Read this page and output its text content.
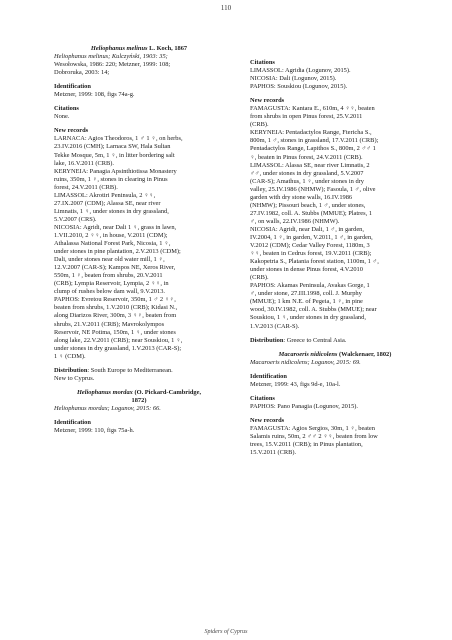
110

Heliophanus melinus L. Koch, 1867

Heliophanus melinus; Kulczyński, 1903: 35;

Wesołowska, 1986: 220; Metzner, 1999: 108;

Dobroruka, 2003: 14;

Identification

Metzner, 1999: 108, figs 74a-g.

Citations

None.

New records

LARNACA: Agios Theodoros, 1 ♂ 1 ♀, on herbs,

23.IV.2016 (CMH); Larnaca SW, Hala Sultan

Tekke Mosque, 5m, 1 ♀, in litter bordering salt

lake, 16.V.2011 (CRB).

KERYNEIA: Panagia Apsinthiotissa Monastery

ruins, 350m, 1 ♀, stones in clearing in Pinus

forest, 24.V.2011 (CRB).

LIMASSOL: Akrotiri Peninsula, 2 ♀♀,

27.IX.2007 (CDM); Alassa SE, near river

Limnatis, 1 ♀, under stones in dry grassland,

5.V.2007 (CRS).

NICOSIA: Agridi, near Dali 1 ♀, grass in lawn,

1.VII.2010, 2 ♀♀, in house, V.2011 (CDM);

Athalassa National Forest Park, Nicosia, 1 ♀,

under stones in pine plantation, 2.V.2013 (CDM);

Dali, under stones near old water mill, 1 ♀,

12.V.2007 (CAR-S); Kampos NE, Xeros River,

550m, 1 ♀, beaten from shrubs, 20.V.2011

(CRB); Lympia Reservoir, Lympia, 2 ♀♀, in

clump of rushes below dam wall, 9.V.2013.

PAPHOS: Evretou Reservoir, 350m, 1 ♂ 2 ♀♀,

beaten from shrubs, 1.V.2010 (CRB); Kidasi N.,

along Diarizos River, 300m, 3 ♀♀, beaten from

shrubs, 21.V.2011 (CRB); Mavrokolympos

Reservoir, NE Potima, 150m, 1 ♀, under stones

along lake, 22.V.2011 (CRB); near Souskiou, 1 ♀,

under stones in dry grassland, 1.V.2013 (CAR-S);

1 ♀ (CDM).

Distribution: South Europe to Mediterranean.

New to Cyprus.

Heliophanus mordax (O. Pickard-Cambridge,

1872)

Heliophanus mordax; Logunov, 2015: 66.

Identification

Metzner, 1999: 110, figs 75a-h.

Citations

LIMASSOL: Agridia (Logunov, 2015).

NICOSIA: Dali (Logunov, 2015).

PAPHOS: Souskiou (Logunov, 2015).

New records

FAMAGUSTA: Kantara E., 610m, 4 ♀♀, beaten

from shrubs in open Pinus forest, 25.V.2011

(CRB).

KERYNEIA: Pentadactylos Range, Ftericha S.,

800m, 1 ♂, stones in grassland, 17.V.2011 (CRB);

Pentadactylos Range, Lapithos S., 800m, 2 ♂♂ 1

♀, beaten in Pinus forest, 24.V.2011 (CRB).

LIMASSOL: Alassa SE, near river Limnatis, 2

♂♂, under stones in dry grassland, 5.V.2007

(CAR-S); Amathus, 1 ♀, under stones in dry

valley, 25.IV.1986 (NHMW); Fasoula, 1 ♂, olive

garden with dry stone walls, 16.IV.1986

(NHMW); Pissouri beach, 1 ♂, under stones,

27.IV.1982, coll. A. Stubbs (MMUE); Platres, 1

♂, on walls, 22.IV.1986 (NHMW).

NICOSIA: Agridi, near Dali, 1 ♂, in garden,

IV.2004, 1 ♀, in garden, V.2011, 1 ♂, in garden,

V.2012 (CDM); Cedar Valley Forest, 1180m, 3

♀♀, beaten in Cedrus forest, 19.V.2011 (CRB);

Kakopetria S., Platania forest station, 1100m, 1 ♂,

under stones in dense Pinus forest, 4.V.2010

(CRB).

PAPHOS: Akamas Peninsula, Avakas Gorge, 1

♂, under stone, 27.III.1998, coll. J. Murphy

(MMUE); 1 km N.E. of Pegeia, 1 ♀, in pine

wood, 30.IV.1982, coll. A. Stubbs (MMUE); near

Souskiou, 1 ♀, under stones in dry grassland,

1.V.2013 (CAR-S).

Distribution: Greece to Central Asia.

Macaroeris nidicolens (Walckenaer, 1802)

Macaroeris nidicolens; Logunov, 2015: 69.

Identification

Metzner, 1999: 43, figs 9d-e, 10a-l.

Citations

PAPHOS: Pano Panagia (Logunov, 2015).

New records

FAMAGUSTA: Agios Sergios, 30m, 1 ♀, beaten

Salamis ruins, 50m, 2 ♂♂ 2 ♀♀, beaten from low

trees, 15.V.2011 (CRB); in Pinus plantation,

15.V.2011 (CRB).

Spiders of Cyprus
